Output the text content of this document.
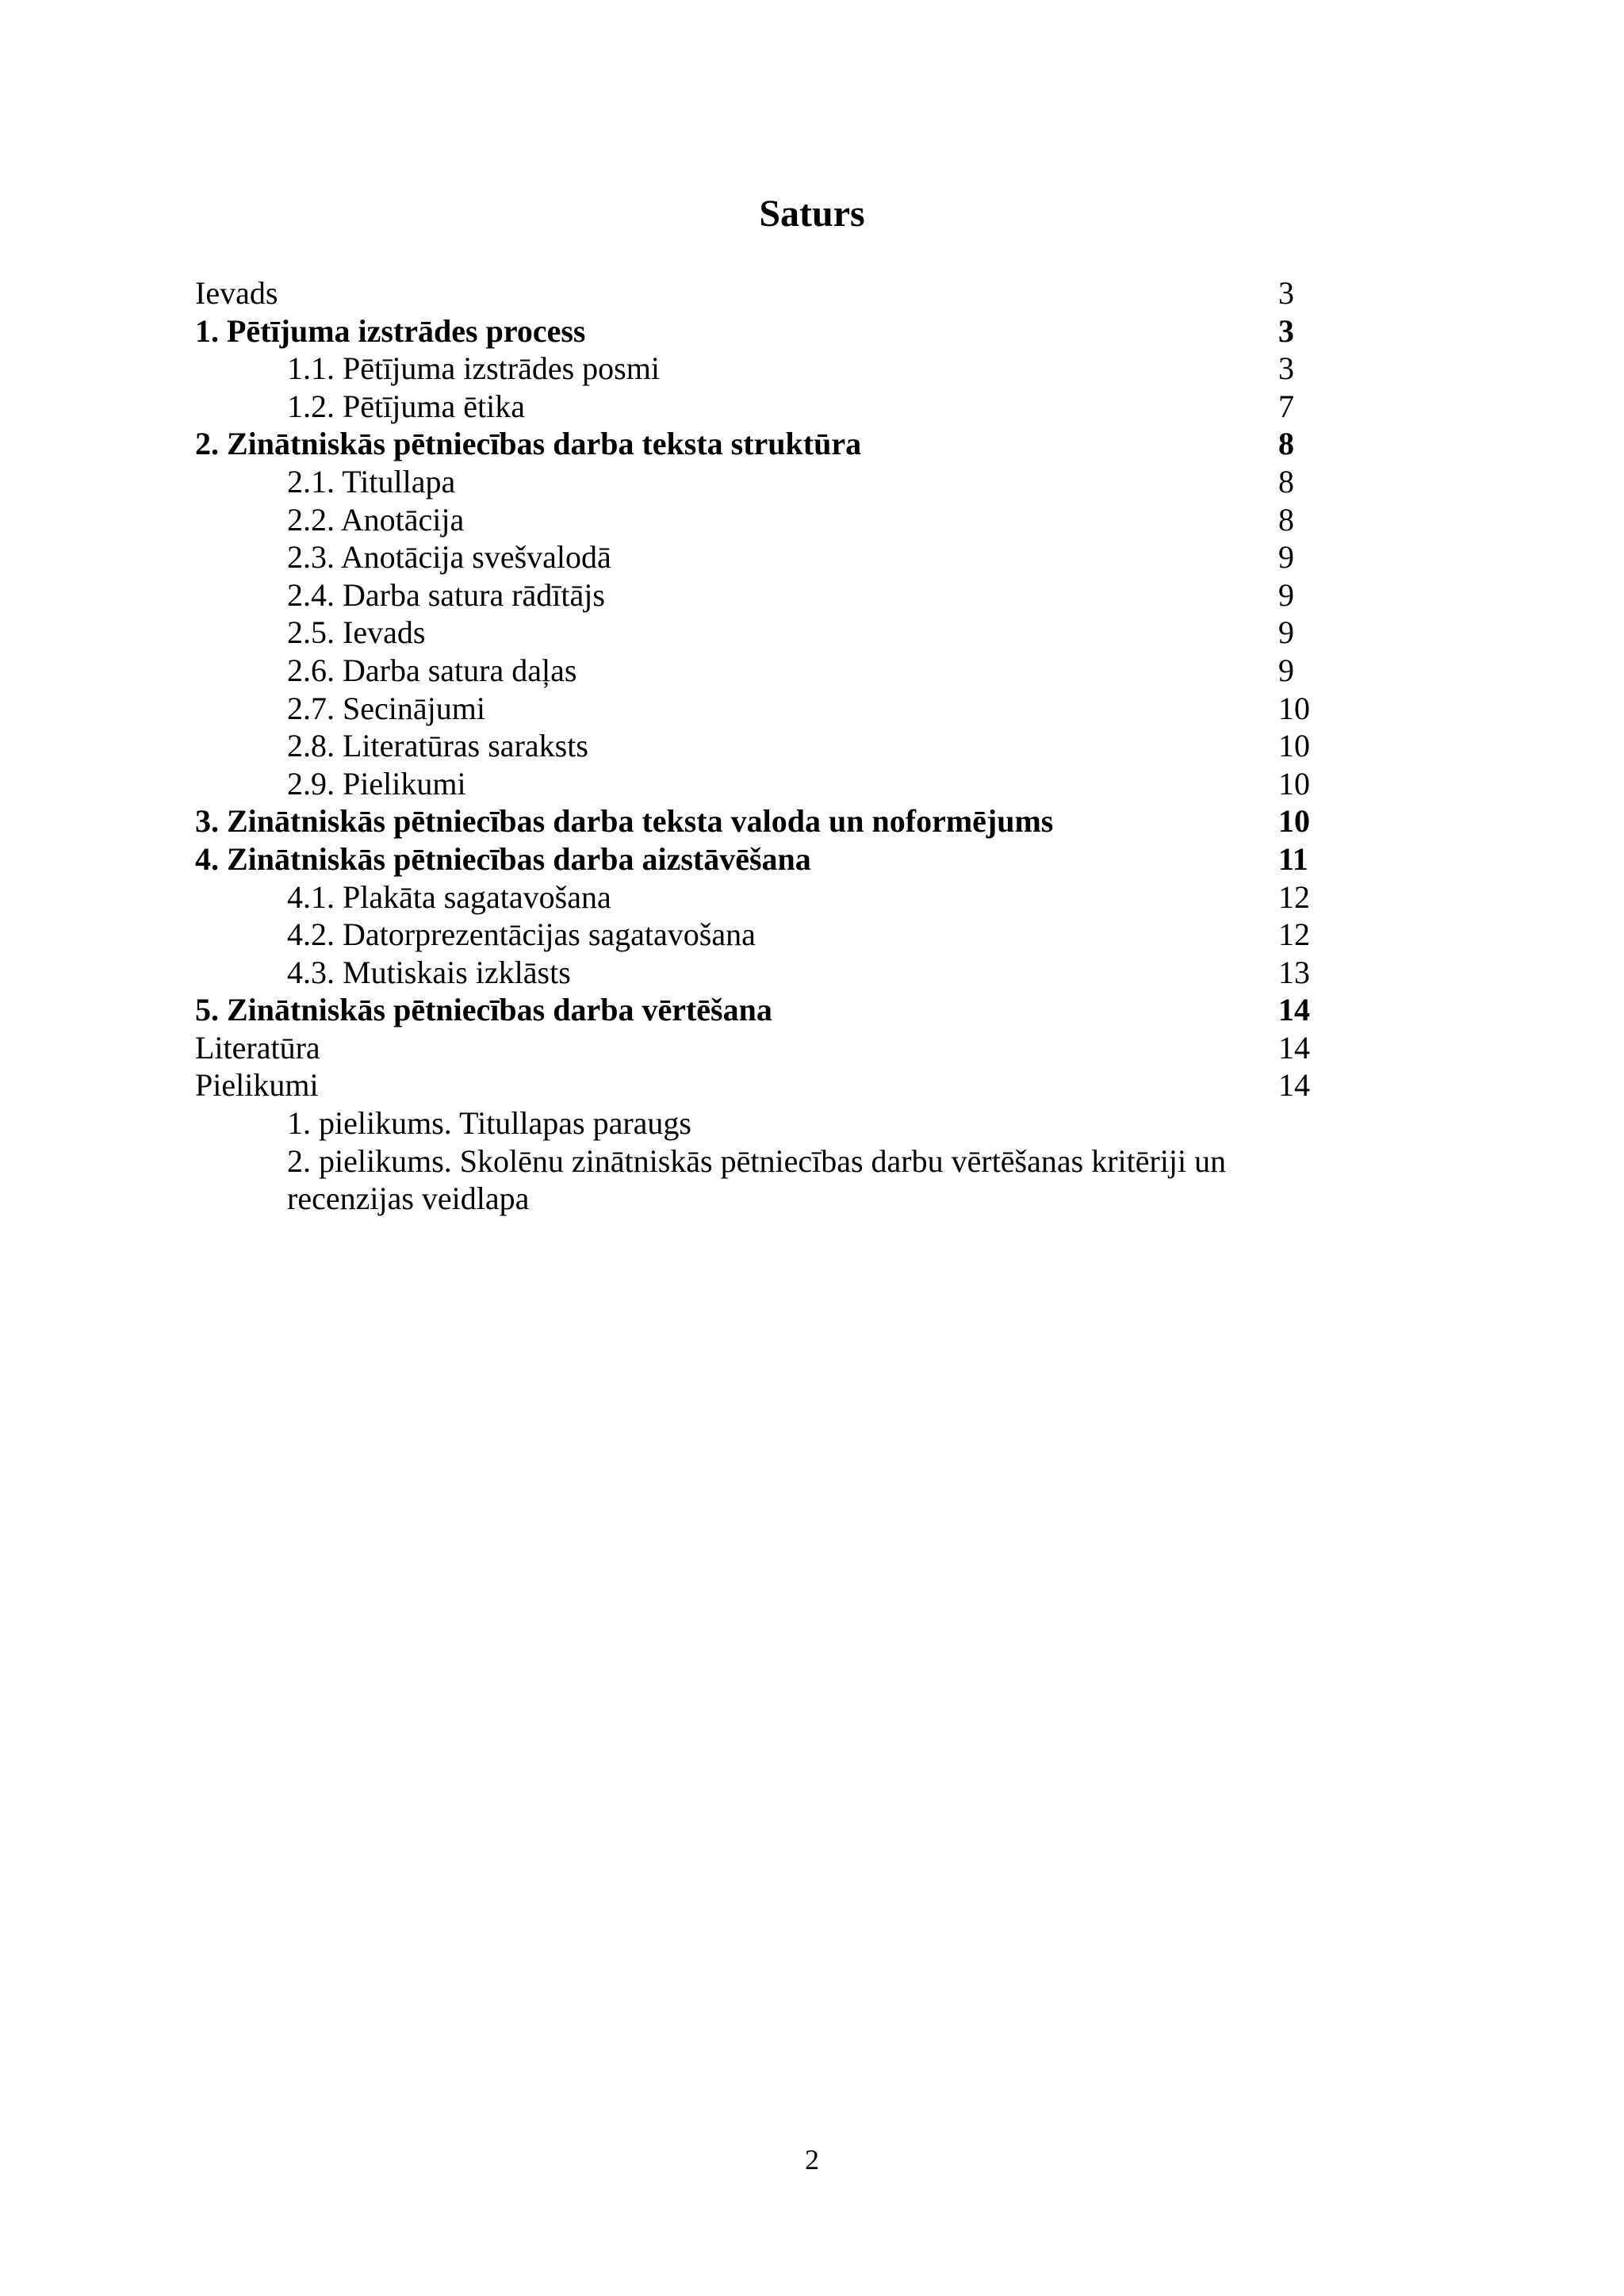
Saturs
Ievads	3
1. Pētījuma izstrādes process	3
1.1. Pētījuma izstrādes posmi	3
1.2. Pētījuma ētika	7
2. Zinātniskās pētniecības darba teksta struktūra	8
2.1. Titullapa	8
2.2. Anotācija	8
2.3. Anotācija svešvalodā	9
2.4. Darba satura rādītājs	9
2.5. Ievads	9
2.6. Darba satura daļas	9
2.7. Secinājumi	10
2.8. Literatūras saraksts	10
2.9. Pielikumi	10
3. Zinātniskās pētniecības darba teksta valoda un noformējums	10
4. Zinātniskās pētniecības darba aizstāvēšana	11
4.1. Plakāta sagatavošana	12
4.2. Datorprezentācijas sagatavošana	12
4.3. Mutiskais izklāsts	13
5. Zinātniskās pētniecības darba vērtēšana	14
Literatūra	14
Pielikumi	14
1. pielikums. Titullapas paraugs
2. pielikums. Skolēnu zinātniskās pētniecības darbu vērtēšanas kritēriji un recenzijas veidlapa
2
